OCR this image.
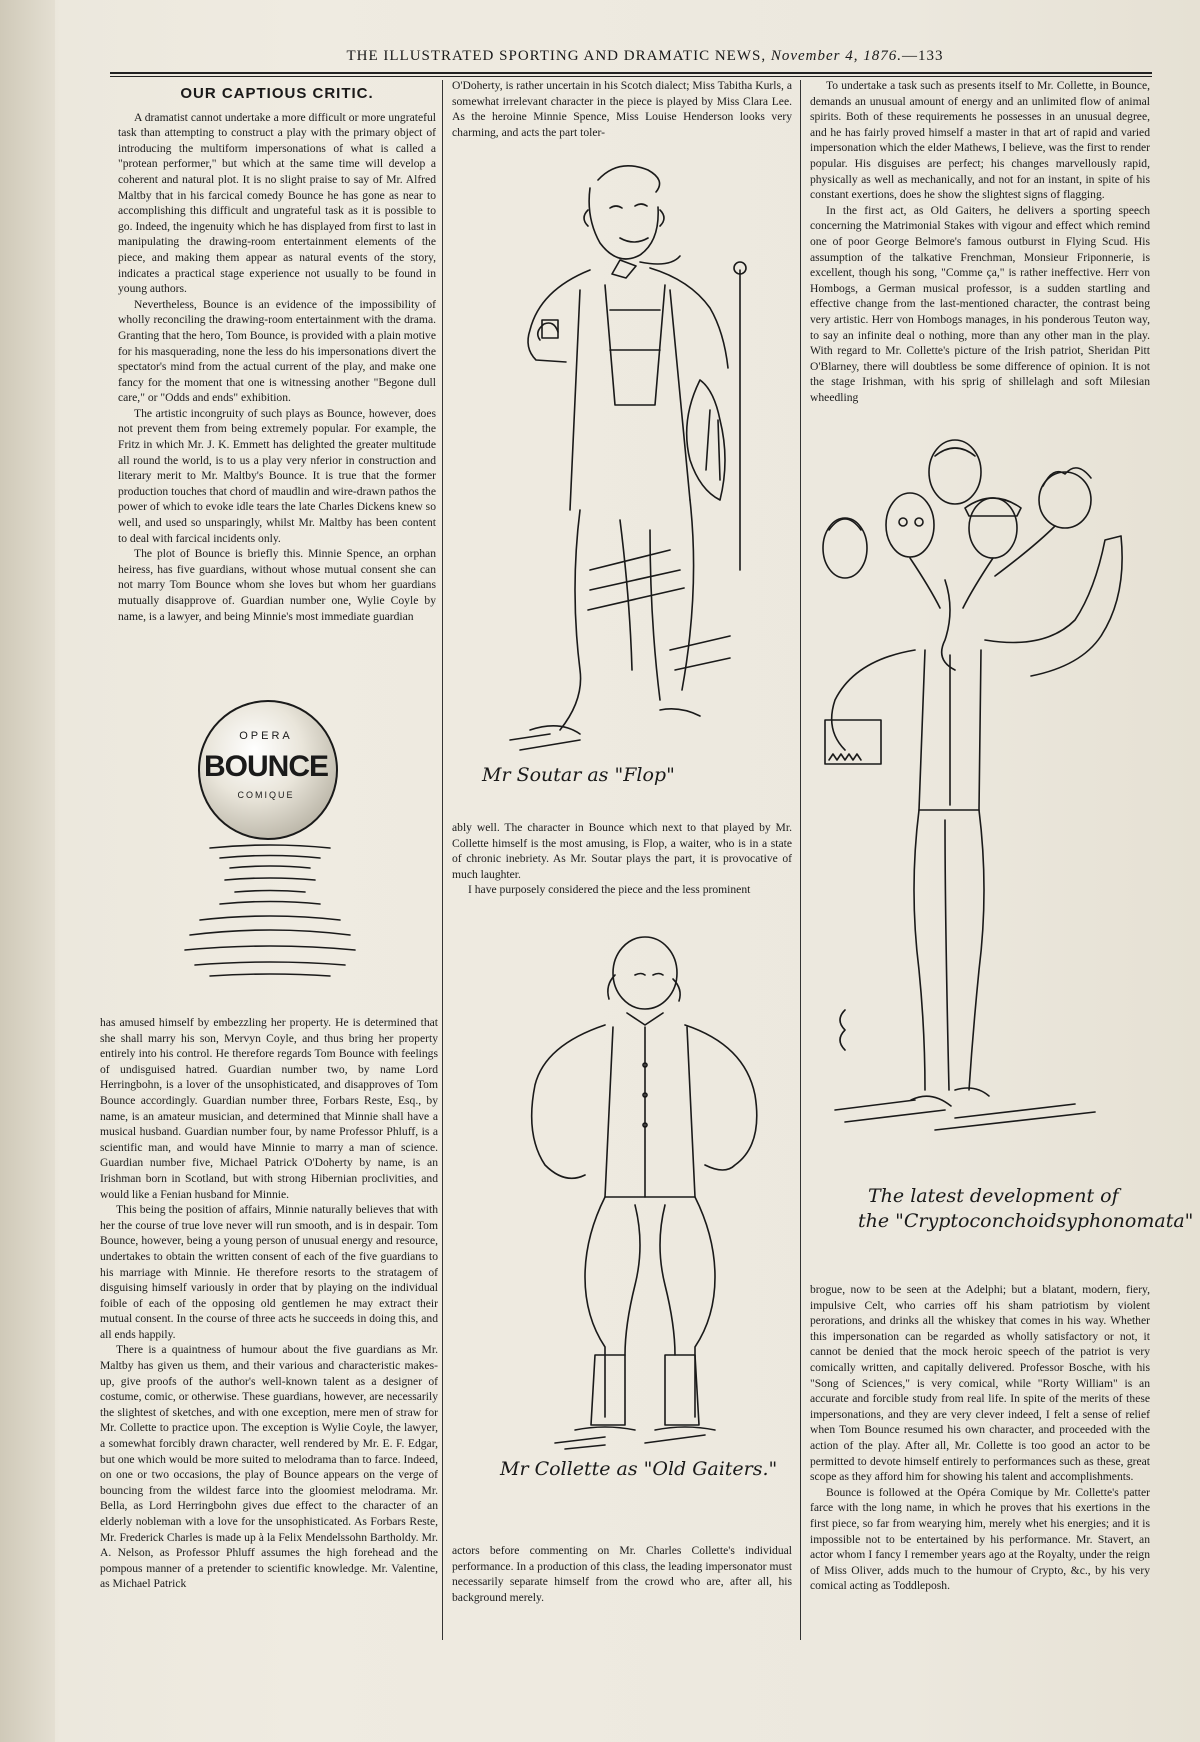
THE ILLUSTRATED SPORTING AND DRAMATIC NEWS, November 4, 1876.—133
OUR CAPTIOUS CRITIC.

A dramatist cannot undertake a more difficult or more ungrateful task than attempting to construct a play with the primary object of introducing the multiform impersonations of what is called a "protean performer," but which at the same time will develop a coherent and natural plot. It is no slight praise to say of Mr. Alfred Maltby that in his farcical comedy Bounce he has gone as near to accomplishing this difficult and ungrateful task as it is possible to go. Indeed, the ingenuity which he has displayed from first to last in manipulating the drawing-room entertainment elements of the piece, and making them appear as natural events of the story, indicates a practical stage experience not usually to be found in young authors.

Nevertheless, Bounce is an evidence of the impossibility of wholly reconciling the drawing-room entertainment with the drama. Granting that the hero, Tom Bounce, is provided with a plain motive for his masquerading, none the less do his impersonations divert the spectator's mind from the actual current of the play, and make one fancy for the moment that one is witnessing another "Begone dull care," or "Odds and ends" exhibition.

The artistic incongruity of such plays as Bounce, however, does not prevent them from being extremely popular. For example, the Fritz in which Mr. J. K. Emmett has delighted the greater multitude all round the world, is to us a play very nferior in construction and literary merit to Mr. Maltby's Bounce. It is true that the former production touches that chord of maudlin and wire-drawn pathos the power of which to evoke idle tears the late Charles Dickens knew so well, and used so unsparingly, whilst Mr. Maltby has been content to deal with farcical incidents only.

The plot of Bounce is briefly this. Minnie Spence, an orphan heiress, has five guardians, without whose mutual consent she can not marry Tom Bounce whom she loves but whom her guardians mutually disapprove of. Guardian number one, Wylie Coyle by name, is a lawyer, and being Minnie's most immediate guardian

OPERA
BOUNCE
COMIQUE

has amused himself by embezzling her property. He is determined that she shall marry his son, Mervyn Coyle, and thus bring her property entirely into his control. He therefore regards Tom Bounce with feelings of undisguised hatred. Guardian number two, by name Lord Herringbohn, is a lover of the unsophisticated, and disapproves of Tom Bounce accordingly. Guardian number three, Forbars Reste, Esq., by name, is an amateur musician, and determined that Minnie shall have a musical husband. Guardian number four, by name Professor Phluff, is a scientific man, and would have Minnie to marry a man of science. Guardian number five, Michael Patrick O'Doherty by name, is an Irishman born in Scotland, but with strong Hibernian proclivities, and would like a Fenian husband for Minnie.

This being the position of affairs, Minnie naturally believes that with her the course of true love never will run smooth, and is in despair. Tom Bounce, however, being a young person of unusual energy and resource, undertakes to obtain the written consent of each of the five guardians to his marriage with Minnie. He therefore resorts to the stratagem of disguising himself variously in order that by playing on the individual foible of each of the opposing old gentlemen he may extract their mutual consent. In the course of three acts he succeeds in doing this, and all ends happily.

There is a quaintness of humour about the five guardians as Mr. Maltby has given us them, and their various and characteristic makes-up, give proofs of the author's well-known talent as a designer of costume, comic, or otherwise. These guardians, however, are necessarily the slightest of sketches, and with one exception, mere men of straw for Mr. Collette to practice upon. The exception is Wylie Coyle, the lawyer, a somewhat forcibly drawn character, well rendered by Mr. E. F. Edgar, but one which would be more suited to melodrama than to farce. Indeed, on one or two occasions, the play of Bounce appears on the verge of bouncing from the wildest farce into the gloomiest melodrama. Mr. Bella, as Lord Herringbohn gives due effect to the character of an elderly nobleman with a love for the unsophisticated. As Forbars Reste, Mr. Frederick Charles is made up à la Felix Mendelssohn Bartholdy. Mr. A. Nelson, as Professor Phluff assumes the high forehead and the pompous manner of a pretender to scientific knowledge. Mr. Valentine, as Michael Patrick

O'Doherty, is rather uncertain in his Scotch dialect; Miss Tabitha Kurls, a somewhat irrelevant character in the piece is played by Miss Clara Lee. As the heroine Minnie Spence, Miss Louise Henderson looks very charming, and acts the part toler-

Mr Soutar as "Flop"

ably well. The character in Bounce which next to that played by Mr. Collette himself is the most amusing, is Flop, a waiter, who is in a state of chronic inebriety. As Mr. Soutar plays the part, it is provocative of much laughter.

I have purposely considered the piece and the less prominent

Mr Collette as "Old Gaiters."

actors before commenting on Mr. Charles Collette's individual performance. In a production of this class, the leading impersonator must necessarily separate himself from the crowd who are, after all, his background merely.

To undertake a task such as presents itself to Mr. Collette, in Bounce, demands an unusual amount of energy and an unlimited flow of animal spirits. Both of these requirements he possesses in an unusual degree, and he has fairly proved himself a master in that art of rapid and varied impersonation which the elder Mathews, I believe, was the first to render popular. His disguises are perfect; his changes marvellously rapid, physically as well as mechanically, and not for an instant, in spite of his constant exertions, does he show the slightest signs of flagging.

In the first act, as Old Gaiters, he delivers a sporting speech concerning the Matrimonial Stakes with vigour and effect which remind one of poor George Belmore's famous outburst in Flying Scud. His assumption of the talkative Frenchman, Monsieur Friponnerie, is excellent, though his song, "Comme ça," is rather ineffective. Herr von Hombogs, a German musical professor, is a sudden startling and effective change from the last-mentioned character, the contrast being very artistic. Herr von Hombogs manages, in his ponderous Teuton way, to say an infinite deal o nothing, more than any other man in the play. With regard to Mr. Collette's picture of the Irish patriot, Sheridan Pitt O'Blarney, there will doubtless be some difference of opinion. It is not the stage Irishman, with his sprig of shillelagh and soft Milesian wheedling

The latest development of
the "Cryptoconchoidsyphonomata"

brogue, now to be seen at the Adelphi; but a blatant, modern, fiery, impulsive Celt, who carries off his sham patriotism by violent perorations, and drinks all the whiskey that comes in his way. Whether this impersonation can be regarded as wholly satisfactory or not, it cannot be denied that the mock heroic speech of the patriot is very comically written, and capitally delivered. Professor Bosche, with his "Song of Sciences," is very comical, while "Rorty William" is an accurate and forcible study from real life. In spite of the merits of these impersonations, and they are very clever indeed, I felt a sense of relief when Tom Bounce resumed his own character, and proceeded with the action of the play. After all, Mr. Collette is too good an actor to be permitted to devote himself entirely to performances such as these, great scope as they afford him for showing his talent and accomplishments.

Bounce is followed at the Opéra Comique by Mr. Collette's patter farce with the long name, in which he proves that his exertions in the first piece, so far from wearying him, merely whet his energies; and it is impossible not to be entertained by his performance. Mr. Stavert, an actor whom I fancy I remember years ago at the Royalty, under the reign of Miss Oliver, adds much to the humour of Crypto, &c., by his very comical acting as Toddleposh.
